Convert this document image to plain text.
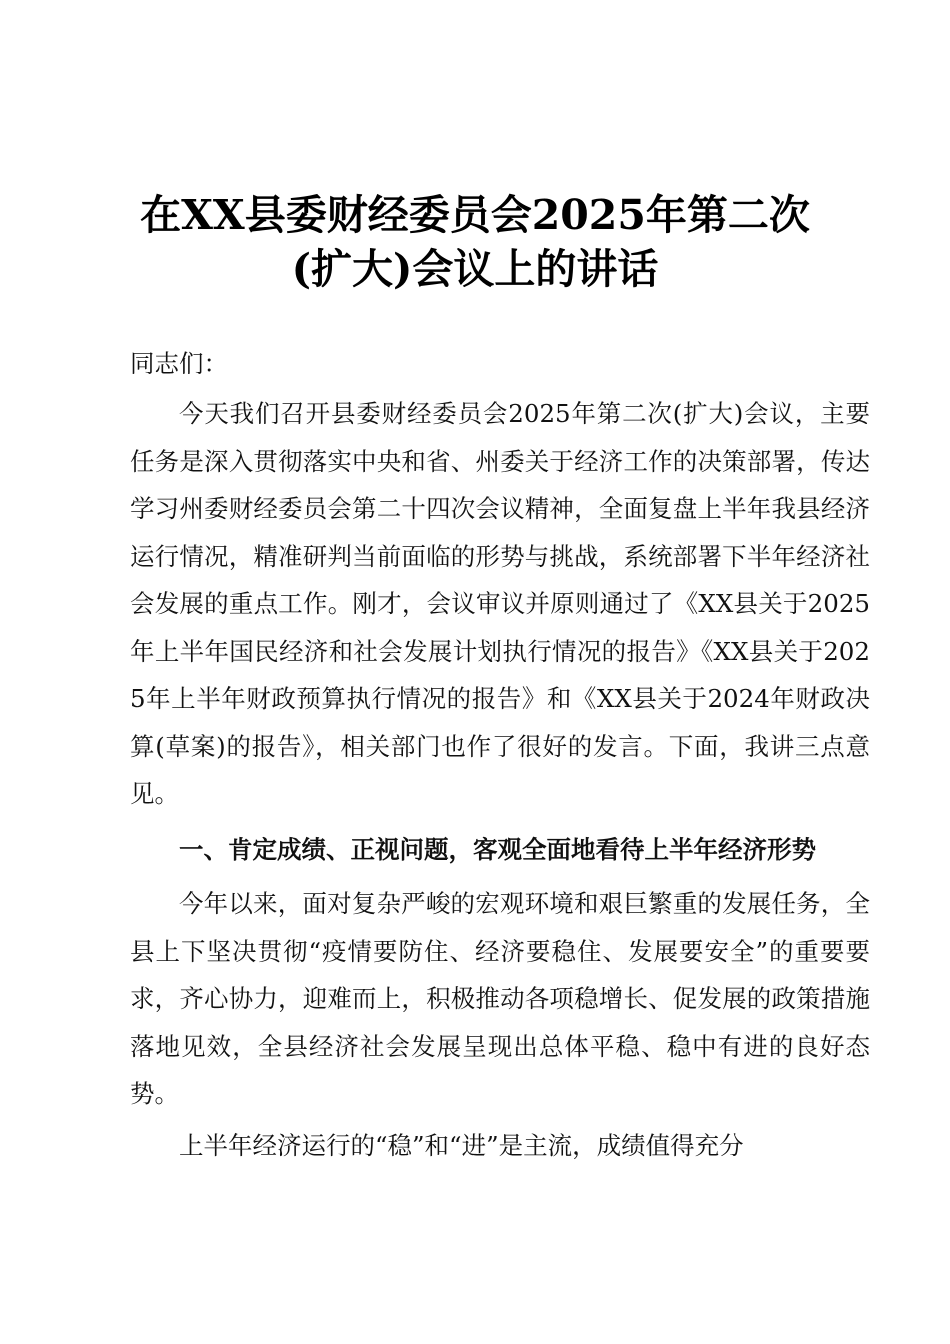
在XX县委财经委员会2025年第二次
(扩大)会议上的讲话
同志们：
今天我们召开县委财经委员会2025年第二次(扩大)会议，主要任务是深入贯彻落实中央和省、州委关于经济工作的决策部署，传达学习州委财经委员会第二十四次会议精神，全面复盘上半年我县经济运行情况，精准研判当前面临的形势与挑战，系统部署下半年经济社会发展的重点工作。刚才，会议审议并原则通过了《XX县关于2025年上半年国民经济和社会发展计划执行情况的报告》《XX县关于2025年上半年财政预算执行情况的报告》和《XX县关于2024年财政决算(草案)的报告》，相关部门也作了很好的发言。下面，我讲三点意见。
一、肯定成绩、正视问题，客观全面地看待上半年经济形势
今年以来，面对复杂严峻的宏观环境和艰巨繁重的发展任务，全县上下坚决贯彻“疫情要防住、经济要稳住、发展要安全”的重要要求，齐心协力，迎难而上，积极推动各项稳增长、促发展的政策措施落地见效，全县经济社会发展呈现出总体平稳、稳中有进的良好态势。
上半年经济运行的“稳”和“进”是主流，成绩值得充分
